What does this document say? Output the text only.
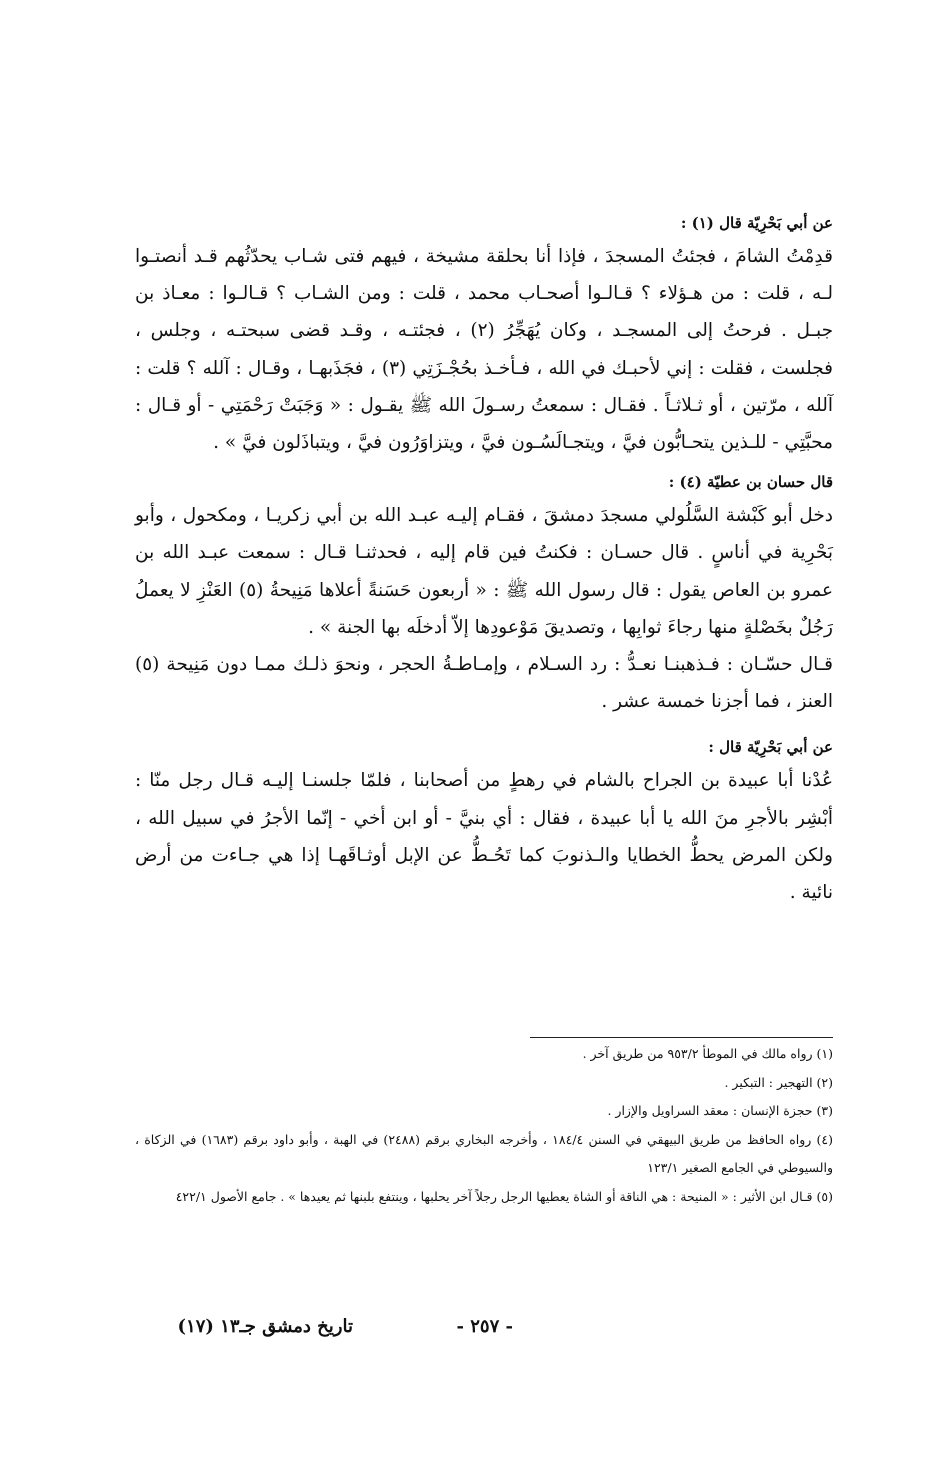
عن أبي بَحْرِيّة قال (١) :

قدِمْتُ الشامَ ، فجئتُ المسجدَ ، فإذا أنا بحلقة مشيخة ، فيهم فتى شـاب يحدّثُهم قـد أنصتـوا لـه ، قلت : من هـؤلاء ؟ قـالـوا أصحـاب محمد ، قلت : ومن الشـاب ؟ قـالـوا : معـاذ بن جبـل . فرحتُ إلى المسجـد ، وكان يُهَجِّرُ (٢) ، فجئتـه ، وقـد قضى سبحتـه ، وجلس ، فجلست ، فقلت : إني لأحبـك في الله ، فـأخـذ بحُجْـزَتِي (٣) ، فجَذَبهـا ، وقـال : آلله ؟ قلت : آلله ، مرّتين ، أو ثـلاثـاً . فقـال : سمعتُ رسـولَ الله ﷺ يقـول : « وَجَبَتْ رَحْمَتِي - أو قـال : محبَّتِي - للـذين يتحـابُّون فيَّ ، ويتجـالَسُـون فيَّ ، ويتزاوَرُون فيَّ ، ويتباذَلون فيَّ » .

قال حسان بن عطيّة (٤) :

دخل أبو كَبْشة السَّلُولي مسجدَ دمشقَ ، فقـام إليـه عبـد الله بن أبي زكريـا ، ومكحول ، وأبو بَحْرِية في أناسٍ . قال حسـان : فكنتُ فين قام إليه ، فحدثنـا قـال : سمعت عبـد الله بن عمرو بن العاص يقول : قال رسول الله ﷺ : « أربعون حَسَنةً أعلاها مَنِيحةُ (٥) العَنْزِ لا يعملُ رَجُلٌ بخَصْلةٍ منها رجاءَ ثوابِها ، وتصديقَ مَوْعودِها إلاّ أدخلَه بها الجنة » .

قـال حسّـان : فـذهبنـا نعـدُّ : رد السـلام ، وإمـاطـةُ الحجر ، ونحوَ ذلـك ممـا دون مَنِيحة (٥) العنز ، فما أجزنا خمسة عشر .

عن أبي بَحْرِيّة قال :

عُدْنا أبا عبيدة بن الجراح بالشام في رهطٍ من أصحابنا ، فلمّا جلسنـا إليـه قـال رجل منّا : أبْشِر بالأجرِ منَ الله يا أبا عبيدة ، فقال : أي بنيَّ - أو ابن أخي - إنّما الأجرُ في سبيل الله ، ولكن المرض يحطُّ الخطايا والـذنوبَ كما تَحُـطُّ عن الإبل أوثـاقَهـا إذا هي جـاءت من أرض نائية .

(١) رواه مالك في الموطأ ٩٥٣/٢ من طريق آخر .

(٢) التهجير : التبكير .

(٣) حجزة الإنسان : معقد السراويل والإزار .

(٤) رواه الحافظ من طريق البيهقي في السنن ١٨٤/٤ ، وأخرجه البخاري برقم (٢٤٨٨) في الهبة ، وأبو داود برقم (١٦٨٣) في الزكاة ، والسيوطي في الجامع الصغير ١٢٣/١

(٥) قـال ابن الأثير : « المنيحة : هي الناقة أو الشاة يعطيها الرجل رجلاً آخر يحلبها ، وينتفع بلبنها ثم يعيدها » . جامع الأصول ٤٢٢/١

- ٢٥٧ -
تاريخ دمشق جـ١٣ (١٧)
